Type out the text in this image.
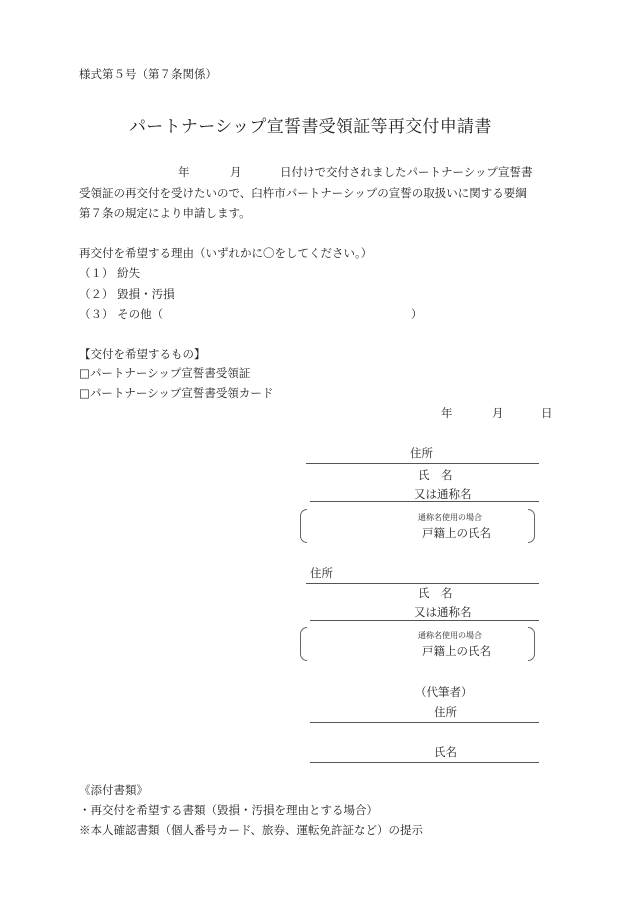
様式第５号（第７条関係）
パートナーシップ宣誓書受領証等再交付申請書
年	月	日付けで交付されましたパートナーシップ宣誓書
受領証の再交付を受けたいので、臼杵市パートナーシップの宣誓の取扱いに関する要綱
第７条の規定により申請します。
再交付を希望する理由（いずれかに〇をしてください。）
（１） 紛失
（２） 毀損・汚損
（３） その他（	）
【交付を希望するもの】
□パートナーシップ宣誓書受領証
□パートナーシップ宣誓書受領カード
年	月	日
住所
氏　名
又は通称名
通称名使用の場合
戸籍上の氏名
住所
氏　名
又は通称名
通称名使用の場合
戸籍上の氏名
（代筆者）
住所
氏名
《添付書類》
・再交付を希望する書類（毀損・汚損を理由とする場合）
※本人確認書類（個人番号カード、旅券、運転免許証など）の提示
